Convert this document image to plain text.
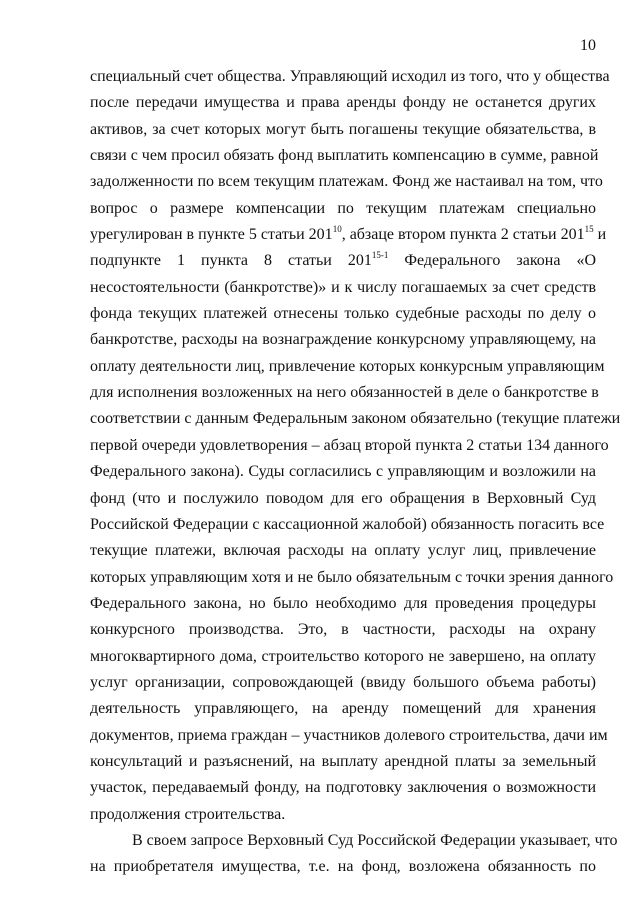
10
специальный счет общества. Управляющий исходил из того, что у общества
после передачи имущества и права аренды фонду не останется других
активов, за счет которых могут быть погашены текущие обязательства, в
связи с чем просил обязать фонд выплатить компенсацию в сумме, равной
задолженности по всем текущим платежам. Фонд же настаивал на том, что
вопрос о размере компенсации по текущим платежам специально
урегулирован в пункте 5 статьи $201^{10}$, абзаце втором пункта 2 статьи $201^{15}$ и
подпункте 1 пункта 8 статьи 201$^{15-1}$ Федерального закона «О
несостоятельности (банкротстве)» и к числу погашаемых за счет средств
фонда текущих платежей отнесены только судебные расходы по делу о
банкротстве, расходы на вознаграждение конкурсному управляющему, на
оплату деятельности лиц, привлечение которых конкурсным управляющим
для исполнения возложенных на него обязанностей в деле о банкротстве в
соответствии с данным Федеральным законом обязательно (текущие платежи
первой очереди удовлетворения – абзац второй пункта 2 статьи 134 данного
Федерального закона). Суды согласились с управляющим и возложили на
фонд (что и послужило поводом для его обращения в Верховный Суд
Российской Федерации с кассационной жалобой) обязанность погасить все
текущие платежи, включая расходы на оплату услуг лиц, привлечение
которых управляющим хотя и не было обязательным с точки зрения данного
Федерального закона, но было необходимо для проведения процедуры
конкурсного производства. Это, в частности, расходы на охрану
многоквартирного дома, строительство которого не завершено, на оплату
услуг организации, сопровождающей (ввиду большого объема работы)
деятельность управляющего, на аренду помещений для хранения
документов, приема граждан – участников долевого строительства, дачи им
консультаций и разъяснений, на выплату арендной платы за земельный
участок, передаваемый фонду, на подготовку заключения о возможности
продолжения строительства.
В своем запросе Верховный Суд Российской Федерации указывает, что
на приобретателя имущества, т.е. на фонд, возложена обязанность по
